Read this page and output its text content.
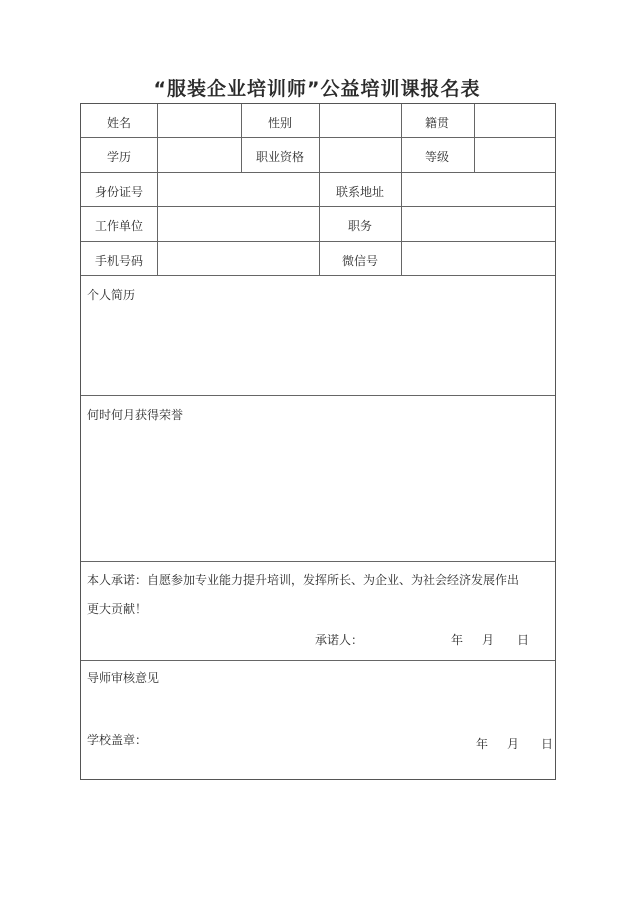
“服装企业培训师”公益培训课报名表
姓名	性别	籍贯
学历	职业资格	等级
身份证号	联系地址
工作单位	职务
手机号码	微信号
个人简历
何时何月获得荣誉
本人承诺：自愿参加专业能力提升培训，发挥所长、为企业、为社会经济发展作出
更大贡献！
承诺人：	年 月 日
导师审核意见
学校盖章：	年 月 日
